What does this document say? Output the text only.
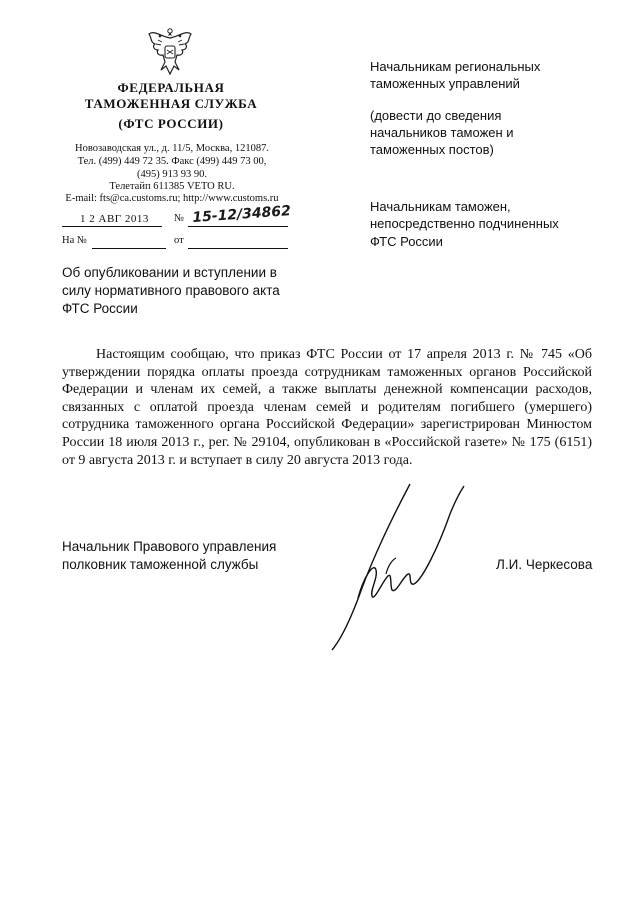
ФЕДЕРАЛЬНАЯ
ТАМОЖЕННАЯ СЛУЖБА
(ФТС РОССИИ)
Новозаводская ул., д. 11/5, Москва, 121087.
Тел. (499) 449 72 35. Факс (499) 449 73 00,
(495) 913 93 90.
Телетайп 611385 VETO RU.
E-mail: fts@ca.customs.ru; http://www.customs.ru
1 2 АВГ 2013 № 15-12/34862
На №	от
Начальникам региональных
таможенных управлений
(довести до сведения
начальников таможен и
таможенных постов)
Начальникам таможен,
непосредственно подчиненных
ФТС России
Об опубликовании и вступлении в
силу нормативного правового акта
ФТС России
Настоящим сообщаю, что приказ ФТС России от 17 апреля 2013 г. № 745 «Об утверждении порядка оплаты проезда сотрудникам таможенных органов Российской Федерации и членам их семей, а также выплаты денежной компенсации расходов, связанных с оплатой проезда членам семей и родителям погибшего (умершего) сотрудника таможенного органа Российской Федерации» зарегистрирован Минюстом России 18 июля 2013 г., рег. № 29104, опубликован в «Российской газете» № 175 (6151) от 9 августа 2013 г. и вступает в силу 20 августа 2013 года.
Начальник Правового управления
полковник таможенной службы	Л.И. Черкесова
